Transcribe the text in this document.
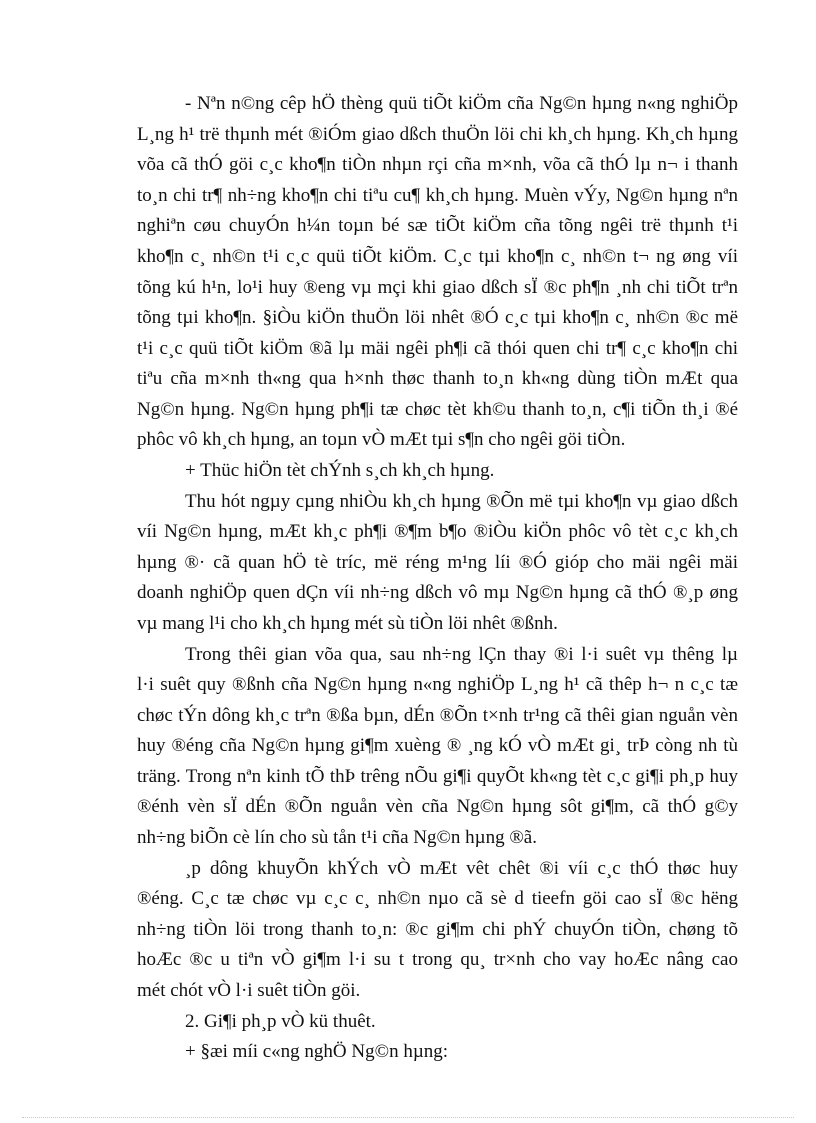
- Nªn n©ng cêp hÖ thèng quü tiÕt kiÖm cña Ng©n hµng n«ng nghiÖp
L¸ng h¹ trë thµnh mét ®iÓm giao dßch thuÖn löi chi kh¸ch hµng. Kh¸ch hµng
võa cã thÓ göi c¸c kho¶n tiÒn nhµn rçi cña m×nh, võa cã thÓ lµ n¬ i thanh
to¸n chi tr¶ nh÷ng kho¶n chi tiªu cu¶ kh¸ch hµng. Muèn vÝy, Ng©n hµng nªn
nghiªn cøu chuyÓn h¼n toµn bé sæ tiÕt kiÖm cña tõng ngêi trë thµnh t¹i
kho¶n c¸ nh©n t¹i c¸c quü tiÕt kiÖm. C¸c tµi kho¶n c¸ nh©n t¬ ng øng víi
tõng kú h¹n, lo¹i huy ®eng vµ mçi khi giao dßch sÏ ®c ph¶n ¸nh chi tiÕt trªn
tõng tµi kho¶n. §iÒu kiÖn thuÖn löi nhêt ®Ó c¸c tµi kho¶n c¸ nh©n ®c më
t¹i c¸c quü tiÕt kiÖm ®ã lµ mäi ngêi ph¶i cã thói quen chi tr¶ c¸c kho¶n chi
tiªu cña m×nh th«ng qua h×nh thøc thanh to¸n kh«ng dùng tiÒn mÆt qua
Ng©n hµng. Ng©n hµng ph¶i tæ chøc tèt kh©u thanh to¸n, c¶i tiÕn th¸i ®é
phôc vô kh¸ch hµng, an toµn vÒ mÆt tµi s¶n cho ngêi göi tiÒn.
+ Thüc hiÖn tèt chÝnh s¸ch kh¸ch hµng.
Thu hót ngµy cµng nhiÒu kh¸ch hµng ®Õn më tµi kho¶n vµ giao dßch
víi Ng©n hµng, mÆt kh¸c ph¶i ®¶m b¶o ®iÒu kiÖn phôc vô tèt c¸c kh¸ch
hµng ®· cã quan hÖ tè tríc, më réng m¹ng líi ®Ó gióp cho mäi ngêi mäi
doanh nghiÖp quen dÇn víi nh÷ng dßch vô mµ Ng©n hµng cã thÓ ®¸p øng
vµ mang l¹i cho kh¸ch hµng mét sù tiÒn löi nhêt ®ßnh.
Trong thêi gian võa qua, sau nh÷ng lÇn thay ®i l·i suêt vµ thêng lµ
l·i suêt quy ®ßnh cña Ng©n hµng n«ng nghiÖp L¸ng h¹ cã thêp h¬ n c¸c tæ
chøc tÝn dông kh¸c trªn ®ßa bµn, dÉn ®Õn t×nh tr¹ng cã thêi gian nguån vèn
huy ®éng cña Ng©n hµng gi¶m xuèng ® ¸ng kÓ vÒ mÆt gi¸ trÞ còng nh tù
träng. Trong nªn kinh tÕ thÞ trêng nÕu gi¶i quyÕt kh«ng tèt c¸c gi¶i ph¸p huy
®énh vèn sÏ dÉn ®Õn nguån vèn cña Ng©n hµng sôt gi¶m, cã thÓ g©y
nh÷ng biÕn cè lín cho sù tån t¹i cña Ng©n hµng ®ã.
¸p dông khuyÕn khÝch vÒ mÆt vêt chêt ®i víi c¸c thÓ thøc huy
®éng. C¸c tæ chøc vµ c¸c c¸ nh©n nµo cã sè d tieefn göi cao sÏ ®c hëng
nh÷ng tiÒn löi trong thanh to¸n: ®c gi¶m chi phÝ chuyÓn tiÒn, chøng tõ
hoÆc ®c u tiªn vÒ gi¶m l·i su t trong qu¸ tr×nh cho vay hoÆc nâng cao
mét chót vÒ l·i suêt tiÒn göi.
2. Gi¶i ph¸p vÒ kü thuêt.
+ §æi míi c«ng nghÖ Ng©n hµng:
